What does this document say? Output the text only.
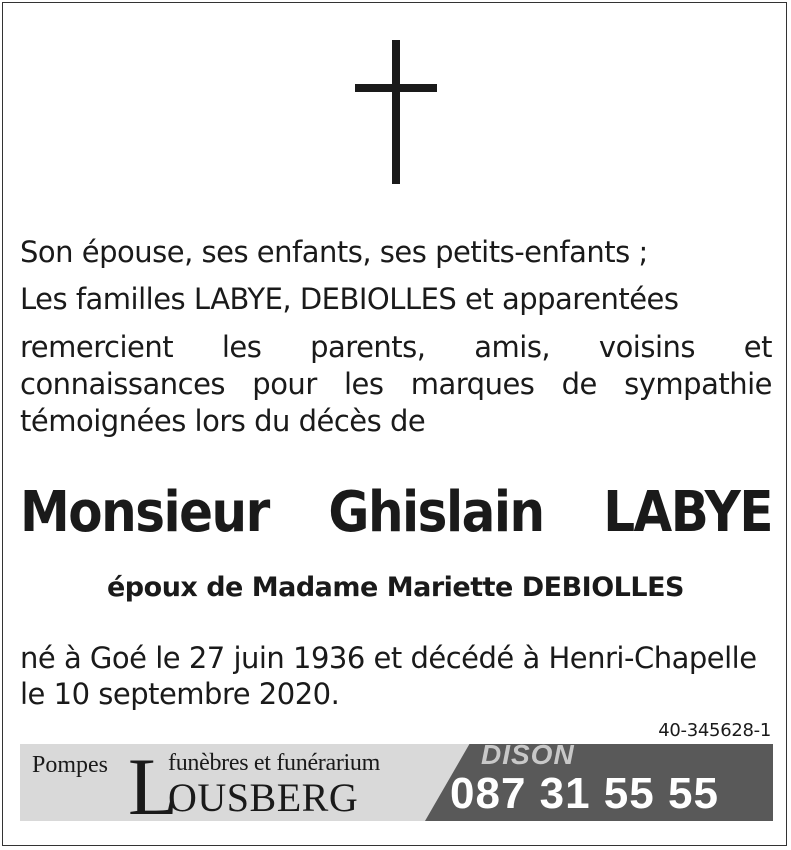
Son épouse, ses enfants, ses petits-enfants ;
Les familles LABYE, DEBIOLLES et apparentées
remercient les parents, amis, voisins et
connaissances pour les marques de sympathie
témoignées lors du décès de
Monsieur Ghislain LABYE
époux de Madame Mariette DEBIOLLES
né à Goé le 27 juin 1936 et décédé à Henri-Chapelle
le 10 septembre 2020.
40-345628-1
Pompes L
funèbres et funérarium
OUSBERG
DISON
087 31 55 55
